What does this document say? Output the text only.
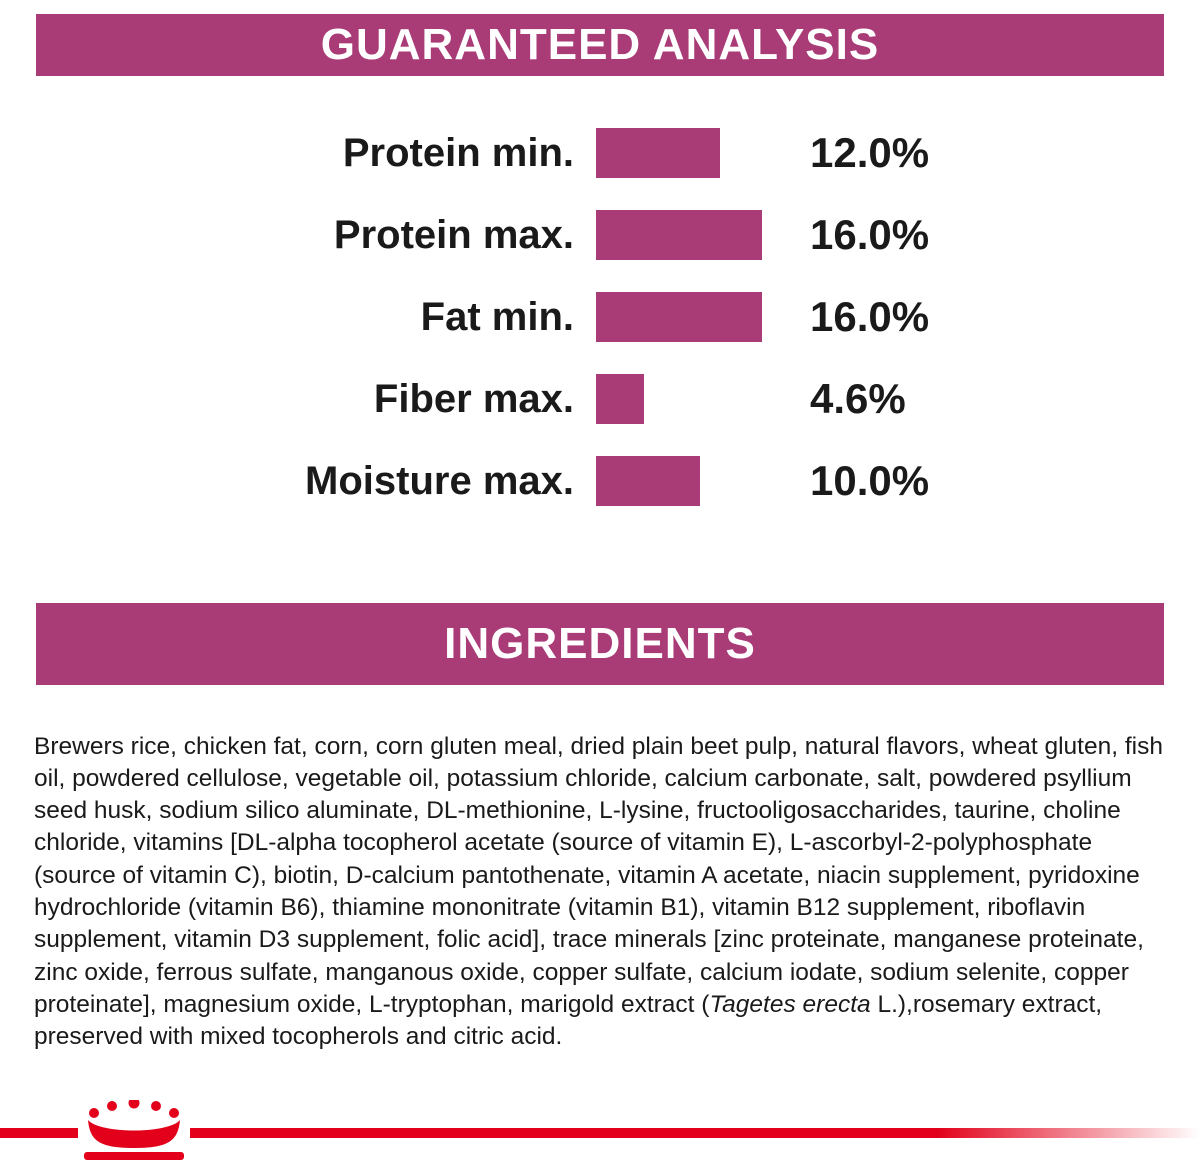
GUARANTEED ANALYSIS
Protein min.	12.0%
Protein max.	16.0%
Fat min.	16.0%
Fiber max.	4.6%
Moisture max.	10.0%
INGREDIENTS

Brewers rice, chicken fat, corn, corn gluten meal, dried plain beet pulp, natural flavors, wheat gluten, fish oil, powdered cellulose, vegetable oil, potassium chloride, calcium carbonate, salt, powdered psyllium seed husk, sodium silico aluminate, DL-methionine, L-lysine, fructooligosaccharides, taurine, choline chloride, vitamins [DL-alpha tocopherol acetate (source of vitamin E), L-ascorbyl-2-polyphosphate (source of vitamin C), biotin, D-calcium pantothenate, vitamin A acetate, niacin supplement, pyridoxine hydrochloride (vitamin B6), thiamine mononitrate (vitamin B1), vitamin B12 supplement, riboflavin supplement, vitamin D3 supplement, folic acid], trace minerals [zinc proteinate, manganese proteinate, zinc oxide, ferrous sulfate, manganous oxide, copper sulfate, calcium iodate, sodium selenite, copper proteinate], magnesium oxide, L-tryptophan, marigold extract (Tagetes erecta L.),rosemary extract, preserved with mixed tocopherols and citric acid.
